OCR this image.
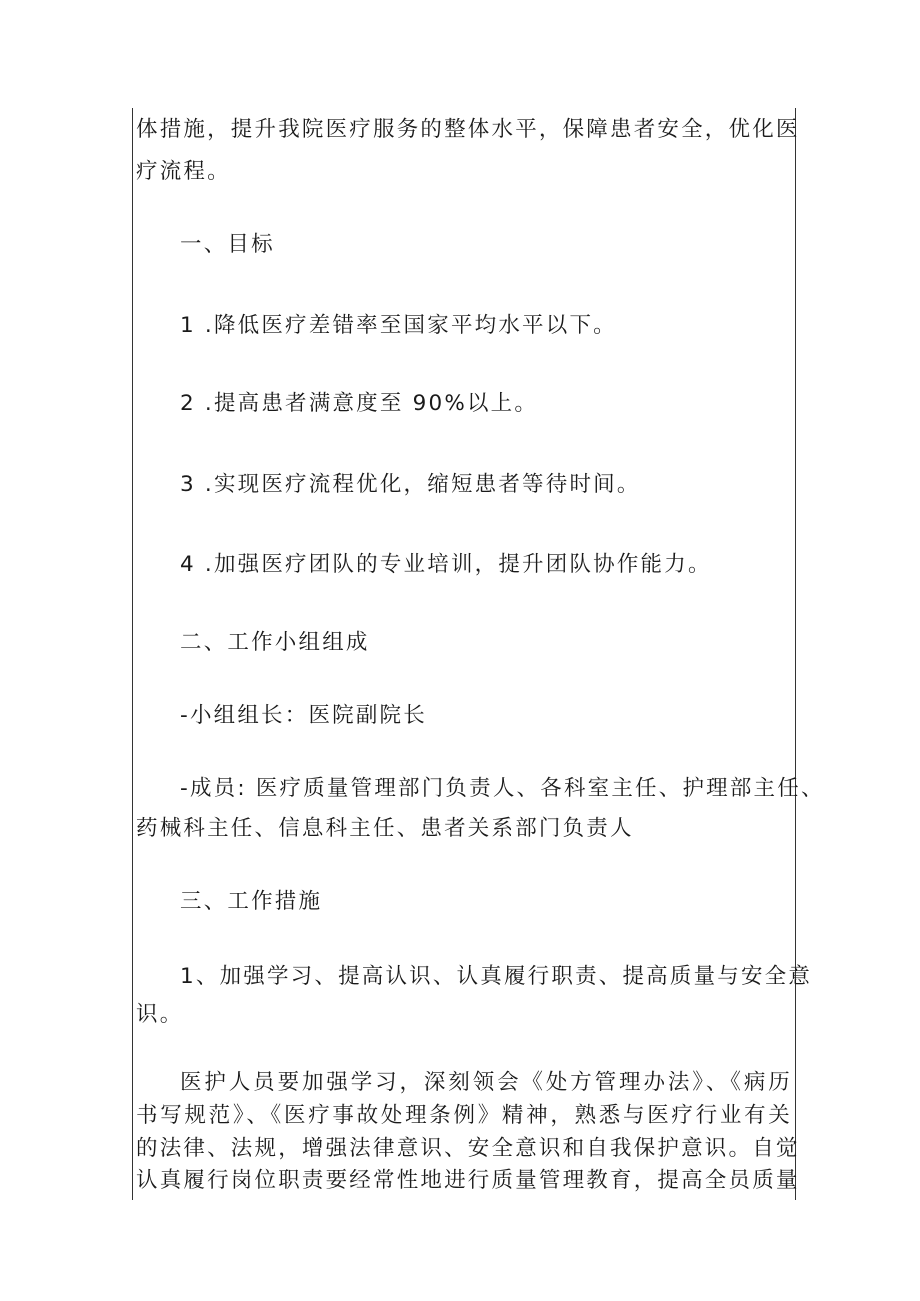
体措施，提升我院医疗服务的整体水平，保障患者安全，优化医
疗流程。
一、目标
1 .降低医疗差错率至国家平均水平以下。
2 .提高患者满意度至 90%以上。
3 .实现医疗流程优化，缩短患者等待时间。
4 .加强医疗团队的专业培训，提升团队协作能力。
二、工作小组组成
-小组组长：医院副院长
-成员: 医疗质量管理部门负责人、各科室主任、护理部主任、
药械科主任、信息科主任、患者关系部门负责人
三、工作措施
1、加强学习、提高认识、认真履行职责、提高质量与安全意
识。
医护人员要加强学习，深刻领会《处方管理办法》、《病历
书写规范》、《医疗事故处理条例》精神，熟悉与医疗行业有关
的法律、法规，增强法律意识、安全意识和自我保护意识。自觉
认真履行岗位职责要经常性地进行质量管理教育，提高全员质量
